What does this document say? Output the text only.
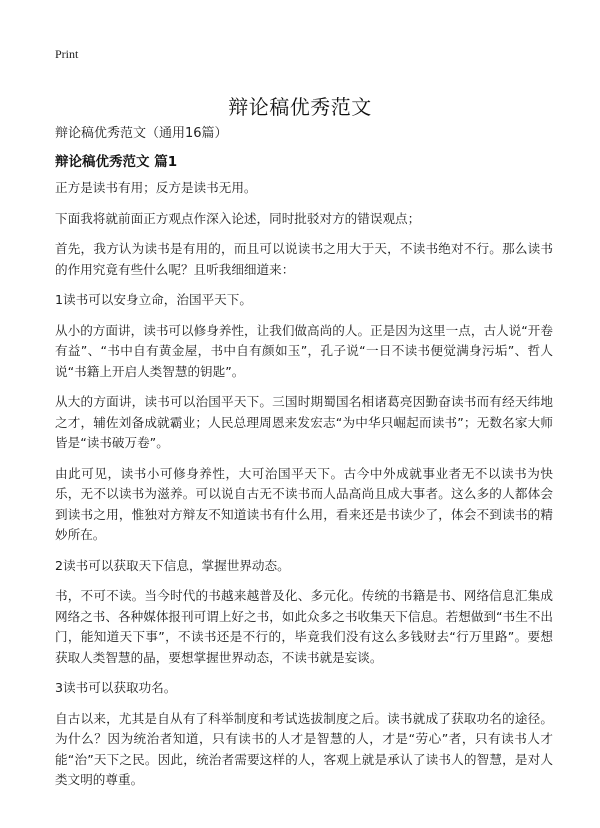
Print
辩论稿优秀范文
辩论稿优秀范文（通用16篇）
辩论稿优秀范文 篇1

正方是读书有用；反方是读书无用。

下面我将就前面正方观点作深入论述，同时批驳对方的错误观点；

首先，我方认为读书是有用的，而且可以说读书之用大于天，不读书绝对不行。那么读书的作用究竟有些什么呢？且听我细细道来：

1读书可以安身立命，治国平天下。

从小的方面讲，读书可以修身养性，让我们做高尚的人。正是因为这里一点，古人说“开卷有益”、“书中自有黄金屋，书中自有颜如玉”，孔子说“一日不读书便觉满身污垢”、哲人说“书籍上开启人类智慧的钥匙”。

从大的方面讲，读书可以治国平天下。三国时期蜀国名相诸葛亮因勤奋读书而有经天纬地之才，辅佐刘备成就霸业；人民总理周恩来发宏志“为中华只崛起而读书”；无数名家大师皆是“读书破万卷”。

由此可见，读书小可修身养性，大可治国平天下。古今中外成就事业者无不以读书为快乐，无不以读书为滋养。可以说自古无不读书而人品高尚且成大事者。这么多的人都体会到读书之用，惟独对方辩友不知道读书有什么用，看来还是书读少了，体会不到读书的精妙所在。

2读书可以获取天下信息，掌握世界动态。

书，不可不读。当今时代的书越来越普及化、多元化。传统的书籍是书、网络信息汇集成网络之书、各种媒体报刊可谓上好之书，如此众多之书收集天下信息。若想做到“书生不出门，能知道天下事”，不读书还是不行的，毕竟我们没有这么多钱财去“行万里路”。要想获取人类智慧的晶，要想掌握世界动态，不读书就是妄谈。

3读书可以获取功名。

自古以来，尤其是自从有了科举制度和考试选拔制度之后。读书就成了获取功名的途径。为什么？因为统治者知道，只有读书的人才是智慧的人，才是“劳心”者，只有读书人才能“治”天下之民。因此，统治者需要这样的人，客观上就是承认了读书人的智慧，是对人类文明的尊重。
